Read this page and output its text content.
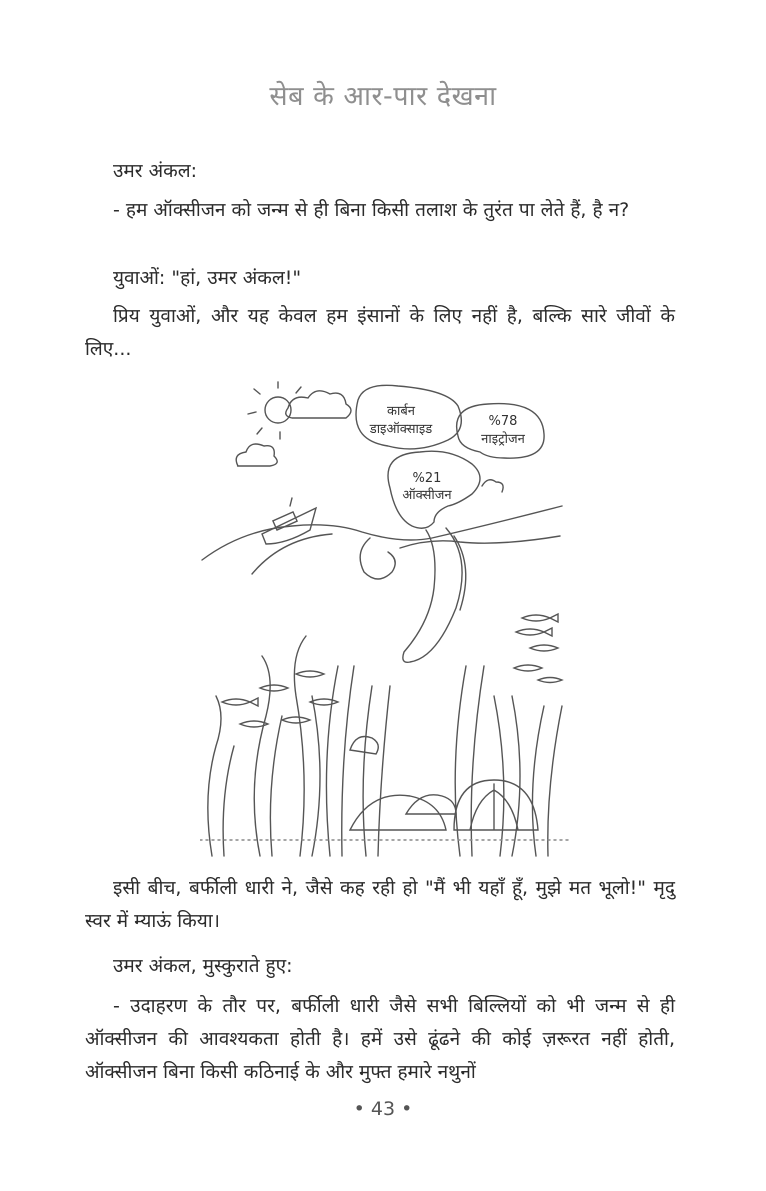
सेब के आर-पार देखना

उमर अंकल:

- हम ऑक्सीजन को जन्म से ही बिना किसी तलाश के तुरंत पा लेते हैं, है न?

युवाओं: "हां, उमर अंकल!"

प्रिय युवाओं, और यह केवल हम इंसानों के लिए नहीं है, बल्कि सारे जीवों के लिए...

कार्बन
डाइऑक्साइड
%78
नाइट्रोजन
%21
ऑक्सीजन

इसी बीच, बर्फीली धारी ने, जैसे कह रही हो "मैं भी यहाँ हूँ, मुझे मत भूलो!" मृदु स्वर में म्याऊं किया।

उमर अंकल, मुस्कुराते हुए:

- उदाहरण के तौर पर, बर्फीली धारी जैसे सभी बिल्लियों को भी जन्म से ही ऑक्सीजन की आवश्यकता होती है। हमें उसे ढूंढने की कोई ज़रूरत नहीं होती, ऑक्सीजन बिना किसी कठिनाई के और मुफ्त हमारे नथुनों

• 43 •
